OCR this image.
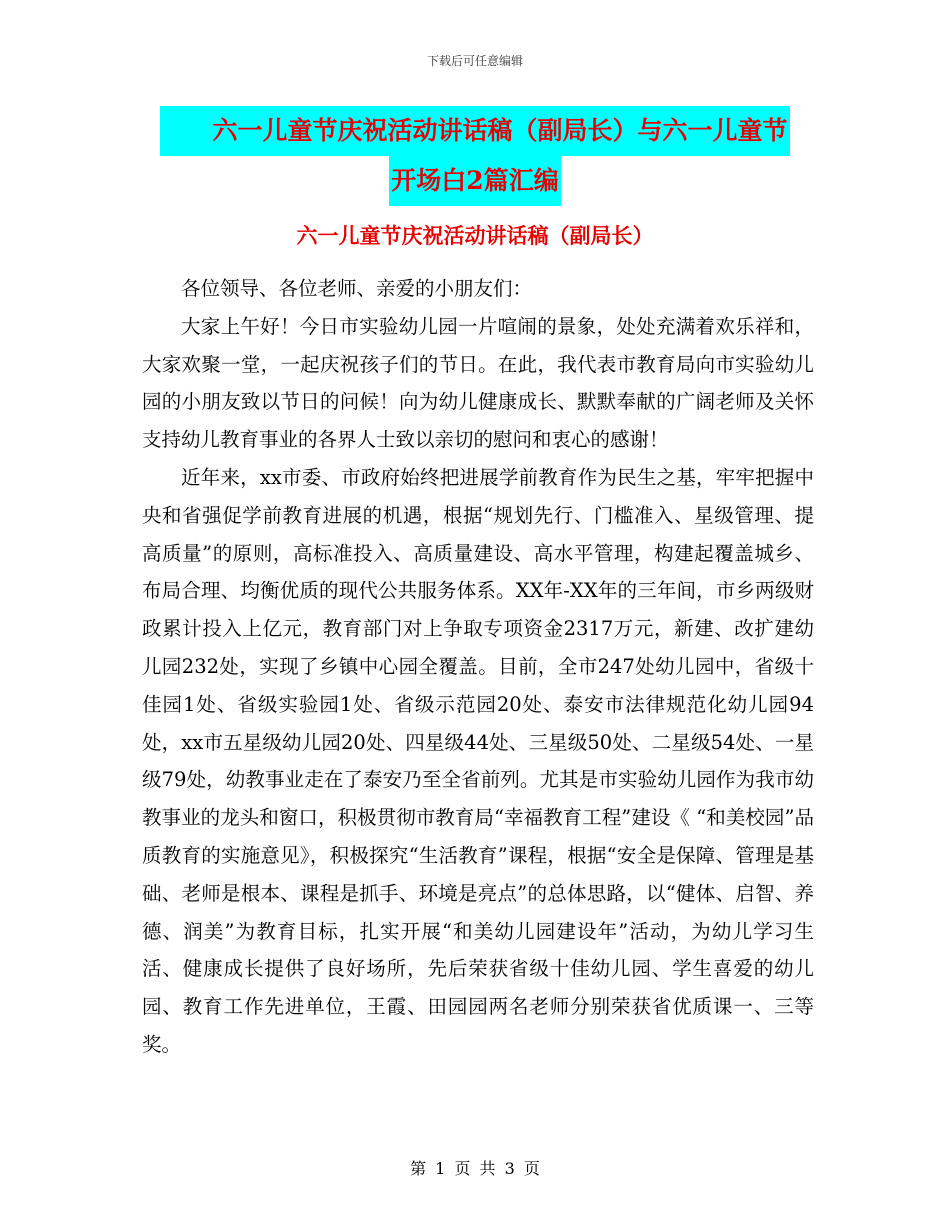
下载后可任意编辑
六一儿童节庆祝活动讲话稿（副局长）与六一儿童节
开场白2篇汇编
六一儿童节庆祝活动讲话稿（副局长）

各位领导、各位老师、亲爱的小朋友们：

大家上午好！今日市实验幼儿园一片喧闹的景象，处处充满着欢乐祥和，大家欢聚一堂，一起庆祝孩子们的节日。在此，我代表市教育局向市实验幼儿园的小朋友致以节日的问候！向为幼儿健康成长、默默奉献的广阔老师及关怀支持幼儿教育事业的各界人士致以亲切的慰问和衷心的感谢！

近年来，xx市委、市政府始终把进展学前教育作为民生之基，牢牢把握中央和省强促学前教育进展的机遇，根据“规划先行、门槛准入、星级管理、提高质量”的原则，高标准投入、高质量建设、高水平管理，构建起覆盖城乡、布局合理、均衡优质的现代公共服务体系。XX年-XX年的三年间，市乡两级财政累计投入上亿元，教育部门对上争取专项资金2317万元，新建、改扩建幼儿园232处，实现了乡镇中心园全覆盖。目前，全市247处幼儿园中，省级十佳园1处、省级实验园1处、省级示范园20处、泰安市法律规范化幼儿园94处，xx市五星级幼儿园20处、四星级44处、三星级50处、二星级54处、一星级79处，幼教事业走在了泰安乃至全省前列。尤其是市实验幼儿园作为我市幼教事业的龙头和窗口，积极贯彻市教育局“幸福教育工程”建设《 “和美校园”品质教育的实施意见》，积极探究“生活教育”课程，根据“安全是保障、管理是基础、老师是根本、课程是抓手、环境是亮点”的总体思路，以“健体、启智、养德、润美”为教育目标，扎实开展“和美幼儿园建设年”活动，为幼儿学习生活、健康成长提供了良好场所，先后荣获省级十佳幼儿园、学生喜爱的幼儿园、教育工作先进单位，王霞、田园园两名老师分别荣获省优质课一、三等奖。

第 1 页 共 3 页
